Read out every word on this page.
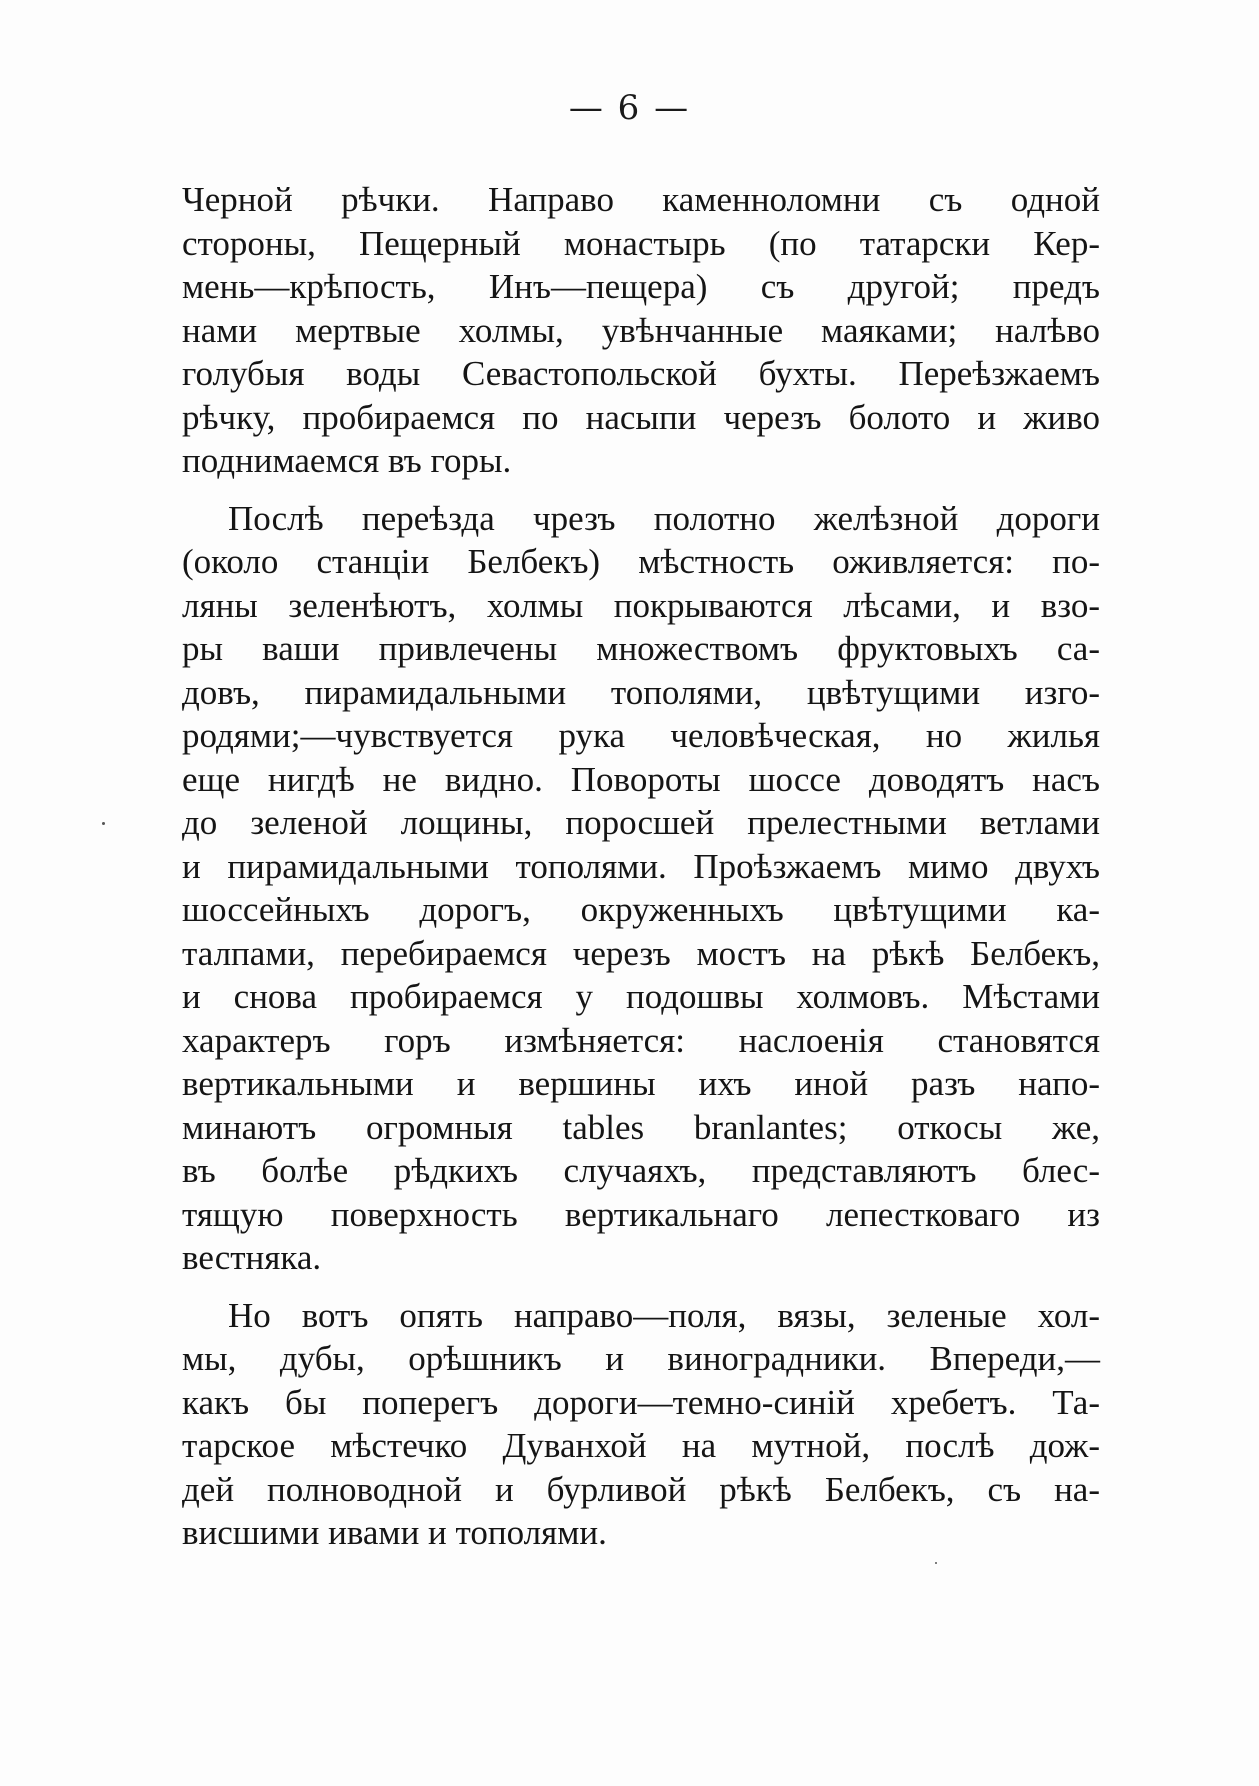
— 6 —
Черной рѣчки. Направо каменноломни съ одной
стороны, Пещерный монастырь (по татарски Кер-
мень—крѣпость, Инъ—пещера) съ другой; предъ
нами мертвые холмы, увѣнчанные маяками; налѣво
голубыя воды Севастопольской бухты. Переѣзжаемъ
рѣчку, пробираемся по насыпи черезъ болото и живо
поднимаемся въ горы.
Послѣ переѣзда чрезъ полотно желѣзной дороги
(около станціи Белбекъ) мѣстность оживляется: по-
ляны зеленѣютъ, холмы покрываются лѣсами, и взо-
ры ваши привлечены множествомъ фруктовыхъ са-
довъ, пирамидальными тополями, цвѣтущими изго-
родями;—чувствуется рука человѣческая, но жилья
еще нигдѣ не видно. Повороты шоссе доводятъ насъ
до зеленой лощины, поросшей прелестными ветлами
и пирамидальными тополями. Проѣзжаемъ мимо двухъ
шоссейныхъ дорогъ, окруженныхъ цвѣтущими ка-
талпами, перебираемся черезъ мостъ на рѣкѣ Белбекъ,
и снова пробираемся у подошвы холмовъ. Мѣстами
характеръ горъ измѣняется: наслоенія становятся
вертикальными и вершины ихъ иной разъ напо-
минаютъ огромныя tables branlantes; откосы же,
въ болѣе рѣдкихъ случаяхъ, представляютъ блес-
тящую поверхность вертикальнаго лепестковаго из
вестняка.
Но вотъ опять направо—поля, вязы, зеленые хол-
мы, дубы, орѣшникъ и виноградники. Впереди,—
какъ бы поперегъ дороги—темно-синій хребетъ. Та-
тарское мѣстечко Дуванхой на мутной, послѣ дож-
дей полноводной и бурливой рѣкѣ Белбекъ, съ на-
виcшими ивами и тополями.
